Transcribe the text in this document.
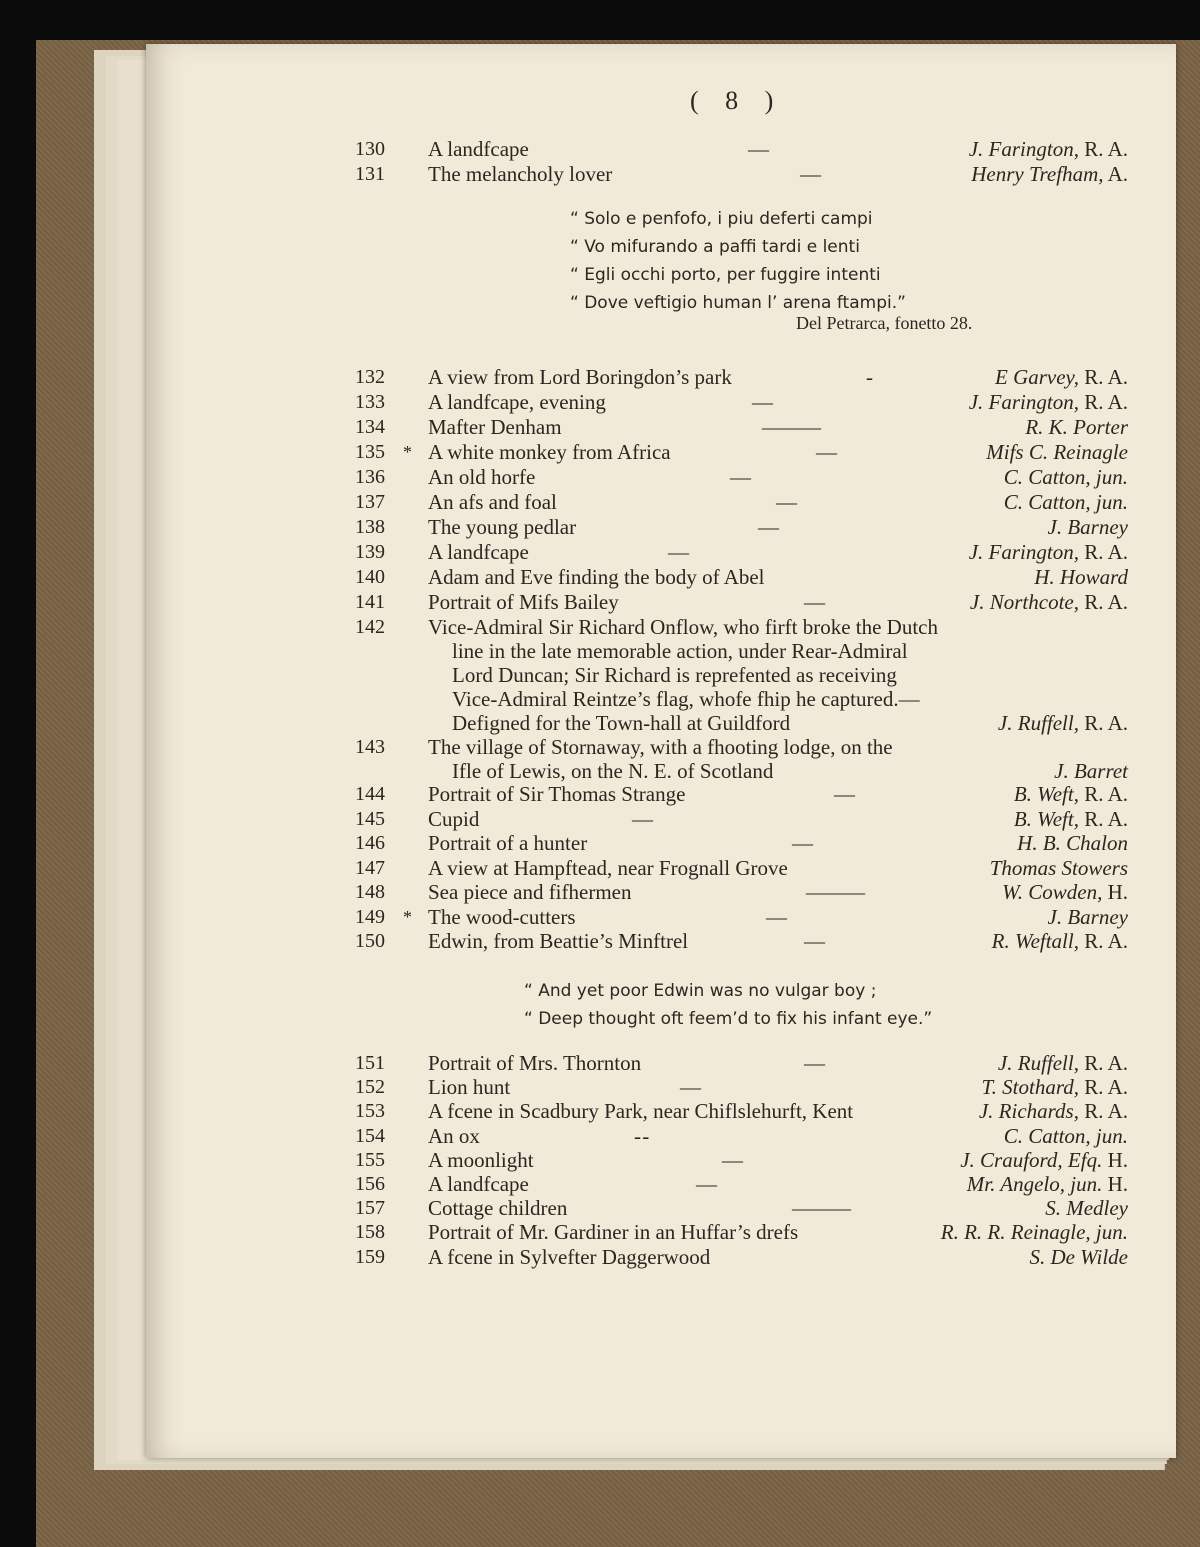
( 8 )
130	A landfcape	—	J. Farington, R. A.
131	The melancholy lover	—	Henry Trefham, A.
“ Solo e penfofo, i piu deferti campi
“ Vo mifurando a paffi tardi e lenti
“ Egli occhi porto, per fuggire intenti
“ Dove veftigio human l’ arena ftampi.”
Del Petrarca, fonetto 28.
132	A view from Lord Boringdon’s park	-	E Garvey, R. A.
133	A landfcape, evening	—	J. Farington, R. A.
134	Mafter Denham	———	R. K. Porter
135	* A white monkey from Africa	—	Mifs C. Reinagle
136	An old horfe	—	C. Catton, jun.
137	An afs and foal	—	C. Catton, jun.
138	The young pedlar	—	J. Barney
139	A landfcape	—	J. Farington, R. A.
140	Adam and Eve finding the body of Abel	H. Howard
141	Portrait of Mifs Bailey	—	J. Northcote, R. A.
142	Vice-Admiral Sir Richard Onflow, who firft broke the Dutch
line in the late memorable action, under Rear-Admiral
Lord Duncan; Sir Richard is reprefented as receiving
Vice-Admiral Reintze’s flag, whofe fhip he captured.—
Defigned for the Town-hall at Guildford	J. Ruffell, R. A.
143	The village of Stornaway, with a fhooting lodge, on the
Ifle of Lewis, on the N. E. of Scotland	J. Barret
144	Portrait of Sir Thomas Strange	—	B. Weft, R. A.
145	Cupid	—	B. Weft, R. A.
146	Portrait of a hunter	—	H. B. Chalon
147	A view at Hampftead, near Frognall Grove	Thomas Stowers
148	Sea piece and fifhermen	———	W. Cowden, H.
149	* The wood-cutters	—	J. Barney
150	Edwin, from Beattie’s Minftrel	—	R. Weftall, R. A.
“ And yet poor Edwin was no vulgar boy ;
“ Deep thought oft feem’d to fix his infant eye.”
151	Portrait of Mrs. Thornton	—	J. Ruffell, R. A.
152	Lion hunt	—	T. Stothard, R. A.
153	A fcene in Scadbury Park, near Chiflslehurft, Kent	J. Richards, R. A.
154	An ox	- -	C. Catton, jun.
155	A moonlight	—	J. Crauford, Efq. H.
156	A landfcape	—	Mr. Angelo, jun. H.
157	Cottage children	———	S. Medley
158	Portrait of Mr. Gardiner in an Huffar’s drefs	R. R. R. Reinagle, jun.
159	A fcene in Sylvefter Daggerwood	S. De Wilde
